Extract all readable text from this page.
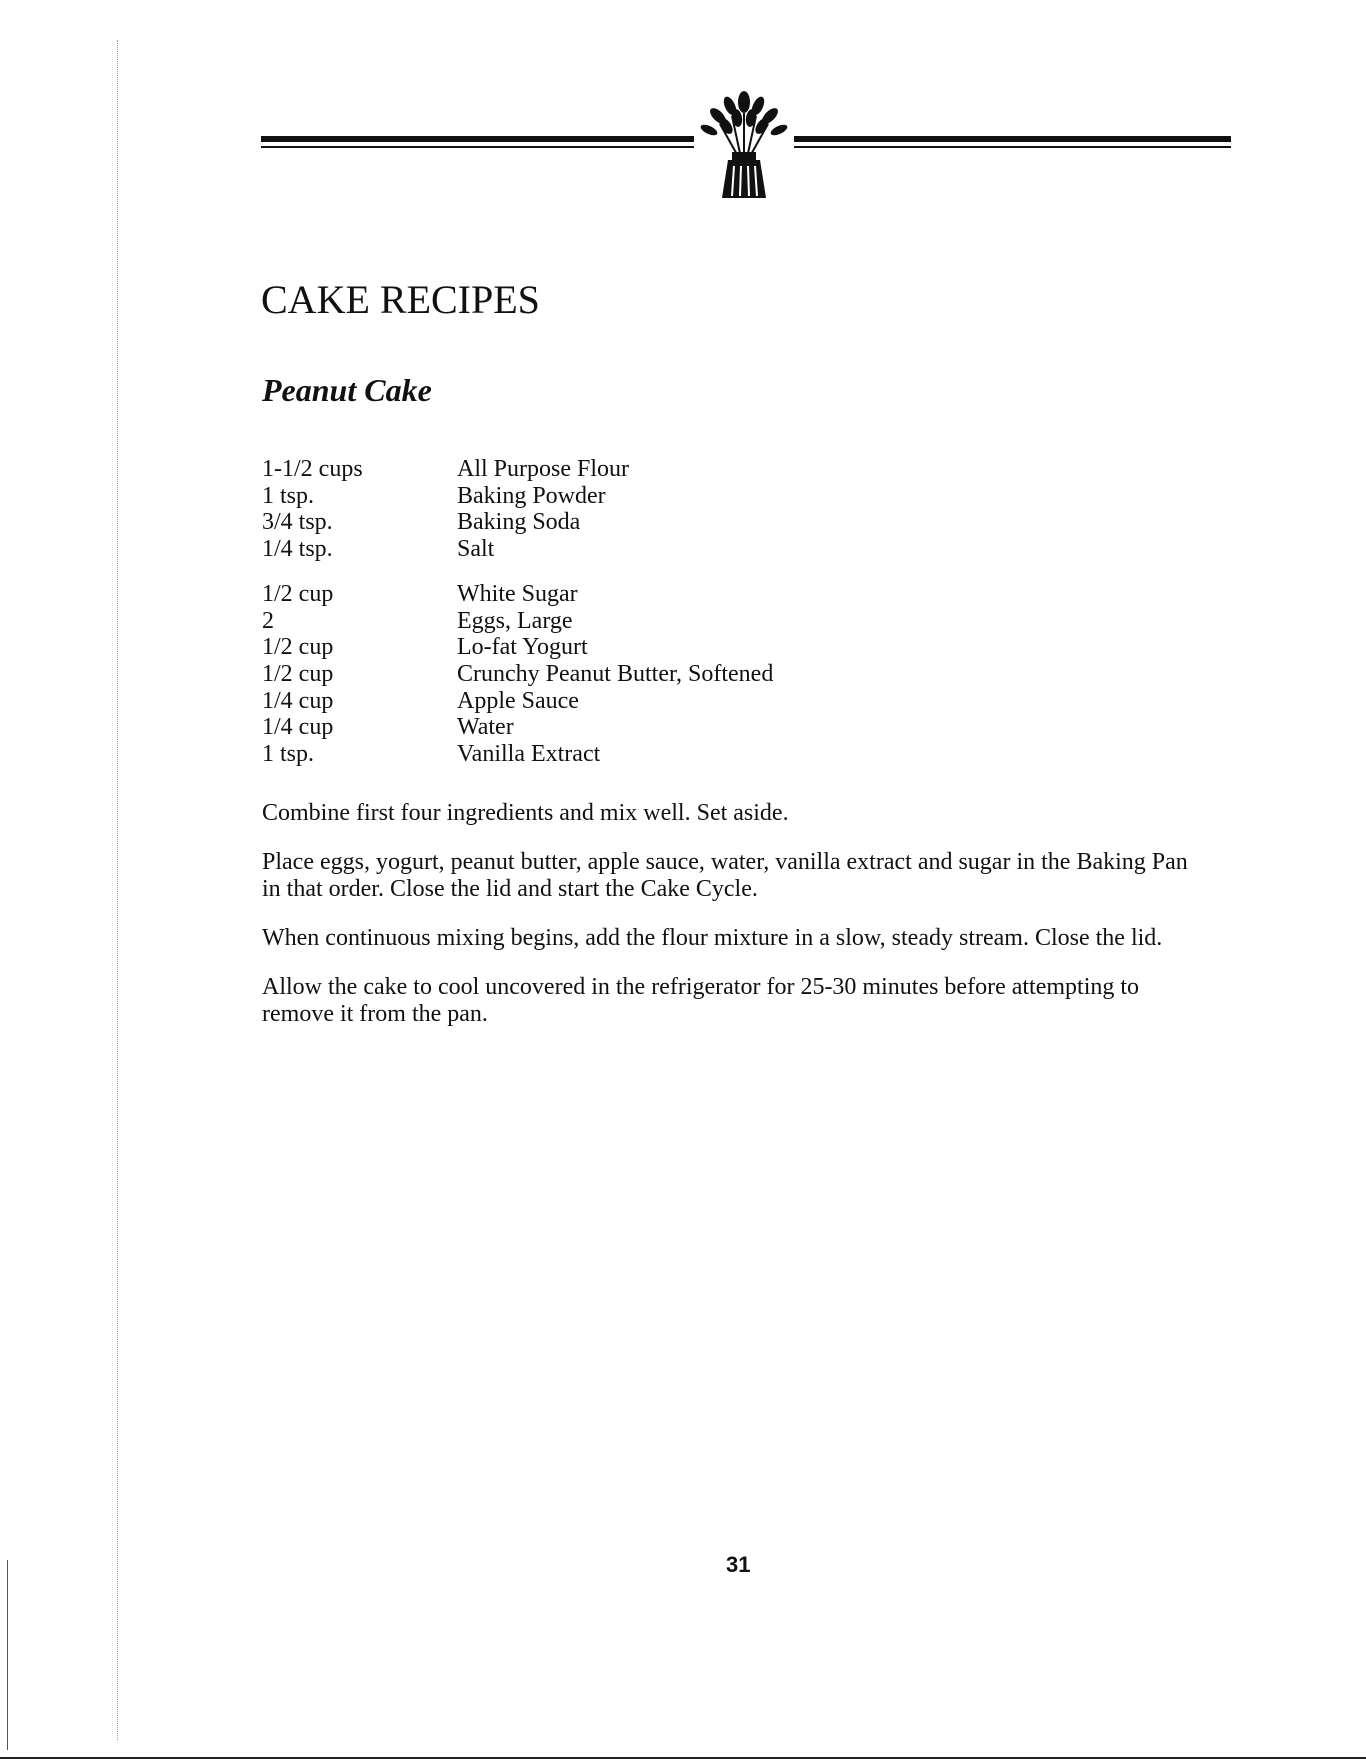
CAKE RECIPES
Peanut Cake
1-1/2 cups	All Purpose Flour
1 tsp.	Baking Powder
3/4 tsp.	Baking Soda
1/4 tsp.	Salt
1/2 cup	White Sugar
2	Eggs, Large
1/2 cup	Lo-fat Yogurt
1/2 cup	Crunchy Peanut Butter, Softened
1/4 cup	Apple Sauce
1/4 cup	Water
1 tsp.	Vanilla Extract

Combine first four ingredients and mix well. Set aside.

Place eggs, yogurt, peanut butter, apple sauce, water, vanilla extract and sugar in the Baking Pan in that order. Close the lid and start the Cake Cycle.

When continuous mixing begins, add the flour mixture in a slow, steady stream. Close the lid.

Allow the cake to cool uncovered in the refrigerator for 25-30 minutes before attempting to remove it from the pan.

31
